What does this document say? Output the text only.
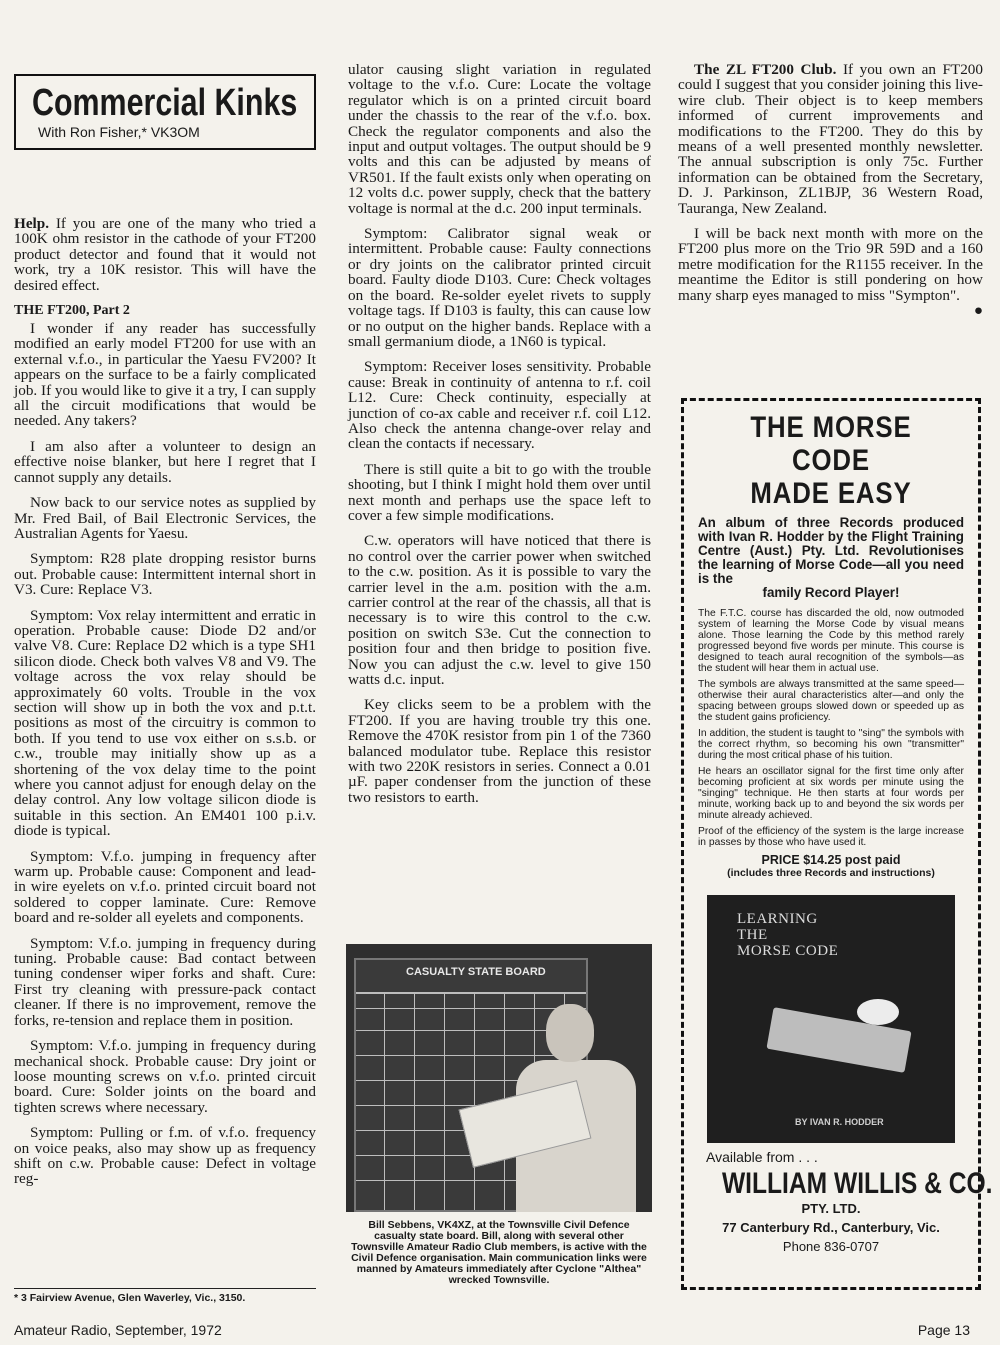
Commercial Kinks
With Ron Fisher,* VK3OM

Help. If you are one of the many who tried a 100K ohm resistor in the cathode of your FT200 product detector and found that it would not work, try a 10K resistor. This will have the desired effect.

THE FT200, Part 2

I wonder if any reader has successfully modified an early model FT200 for use with an external v.f.o., in particular the Yaesu FV200? It appears on the surface to be a fairly complicated job. If you would like to give it a try, I can supply all the circuit modifications that would be needed. Any takers?

I am also after a volunteer to design an effective noise blanker, but here I regret that I cannot supply any details.

Now back to our service notes as supplied by Mr. Fred Bail, of Bail Electronic Services, the Australian Agents for Yaesu.

Symptom: R28 plate dropping resistor burns out. Probable cause: Intermittent internal short in V3. Cure: Replace V3.

Symptom: Vox relay intermittent and erratic in operation. Probable cause: Diode D2 and/or valve V8. Cure: Replace D2 which is a type SH1 silicon diode. Check both valves V8 and V9. The voltage across the vox relay should be approximately 60 volts. Trouble in the vox section will show up in both the vox and p.t.t. positions as most of the circuitry is common to both. If you tend to use vox either on s.s.b. or c.w., trouble may initially show up as a shortening of the vox delay time to the point where you cannot adjust for enough delay on the delay control. Any low voltage silicon diode is suitable in this section. An EM401 100 p.i.v. diode is typical.

Symptom: V.f.o. jumping in frequency after warm up. Probable cause: Component and lead-in wire eyelets on v.f.o. printed circuit board not soldered to copper laminate. Cure: Remove board and re-solder all eyelets and components.

Symptom: V.f.o. jumping in frequency during tuning. Probable cause: Bad contact between tuning condenser wiper forks and shaft. Cure: First try cleaning with pressure-pack contact cleaner. If there is no improvement, remove the forks, re-tension and replace them in position.

Symptom: V.f.o. jumping in frequency during mechanical shock. Probable cause: Dry joint or loose mounting screws on v.f.o. printed circuit board. Cure: Solder joints on the board and tighten screws where necessary.

Symptom: Pulling or f.m. of v.f.o. frequency on voice peaks, also may show up as frequency shift on c.w. Probable cause: Defect in voltage reg-

* 3 Fairview Avenue, Glen Waverley, Vic., 3150.

ulator causing slight variation in regulated voltage to the v.f.o. Cure: Locate the voltage regulator which is on a printed circuit board under the chassis to the rear of the v.f.o. box. Check the regulator components and also the input and output voltages. The output should be 9 volts and this can be adjusted by means of VR501. If the fault exists only when operating on 12 volts d.c. power supply, check that the battery voltage is normal at the d.c. 200 input terminals.

Symptom: Calibrator signal weak or intermittent. Probable cause: Faulty connections or dry joints on the calibrator printed circuit board. Faulty diode D103. Cure: Check voltages on the board. Re-solder eyelet rivets to supply voltage tags. If D103 is faulty, this can cause low or no output on the higher bands. Replace with a small germanium diode, a 1N60 is typical.

Symptom: Receiver loses sensitivity. Probable cause: Break in continuity of antenna to r.f. coil L12. Cure: Check continuity, especially at junction of co-ax cable and receiver r.f. coil L12. Also check the antenna change-over relay and clean the contacts if necessary.

There is still quite a bit to go with the trouble shooting, but I think I might hold them over until next month and perhaps use the space left to cover a few simple modifications.

C.w. operators will have noticed that there is no control over the carrier power when switched to the c.w. position. As it is possible to vary the carrier level in the a.m. position with the a.m. carrier control at the rear of the chassis, all that is necessary is to wire this control to the c.w. position on switch S3e. Cut the connection to position four and then bridge to position five. Now you can adjust the c.w. level to give 150 watts d.c. input.

Key clicks seem to be a problem with the FT200. If you are having trouble try this one. Remove the 470K resistor from pin 1 of the 7360 balanced modulator tube. Replace this resistor with two 220K resistors in series. Connect a 0.01 µF. paper condenser from the junction of these two resistors to earth.

CASUALTY STATE BOARD
Bill Sebbens, VK4XZ, at the Townsville Civil Defence casualty state board. Bill, along with several other Townsville Amateur Radio Club members, is active with the Civil Defence organisation. Main communication links were manned by Amateurs immediately after Cyclone "Althea" wrecked Townsville.

The ZL FT200 Club. If you own an FT200 could I suggest that you consider joining this live-wire club. Their object is to keep members informed of current improvements and modifications to the FT200. They do this by means of a well presented monthly newsletter. The annual subscription is only 75c. Further information can be obtained from the Secretary, D. J. Parkinson, ZL1BJP, 36 Western Road, Tauranga, New Zealand.

I will be back next month with more on the FT200 plus more on the Trio 9R 59D and a 160 metre modification for the R1155 receiver. In the meantime the Editor is still pondering on how many sharp eyes managed to miss "Sympton".
●

THE MORSE CODE
MADE EASY
An album of three Records produced with Ivan R. Hodder by the Flight Training Centre (Aust.) Pty. Ltd. Revolutionises the learning of Morse Code—all you need is the
family Record Player!

The F.T.C. course has discarded the old, now outmoded system of learning the Morse Code by visual means alone. Those learning the Code by this method rarely progressed beyond five words per minute. This course is designed to teach aural recognition of the symbols—as the student will hear them in actual use.

The symbols are always transmitted at the same speed—otherwise their aural characteristics alter—and only the spacing between groups slowed down or speeded up as the student gains proficiency.

In addition, the student is taught to "sing" the symbols with the correct rhythm, so becoming his own "transmitter" during the most critical phase of his tuition.

He hears an oscillator signal for the first time only after becoming proficient at six words per minute using the "singing" technique. He then starts at four words per minute, working back up to and beyond the six words per minute already achieved.

Proof of the efficiency of the system is the large increase in passes by those who have used it.

PRICE $14.25 post paid
(includes three Records and instructions)
LEARNING
THE
MORSE CODE
BY IVAN R. HODDER
Available from . . .
WILLIAM WILLIS & CO.
PTY. LTD.
77 Canterbury Rd., Canterbury, Vic.
Phone 836-0707
Amateur Radio, September, 1972	Page 13
